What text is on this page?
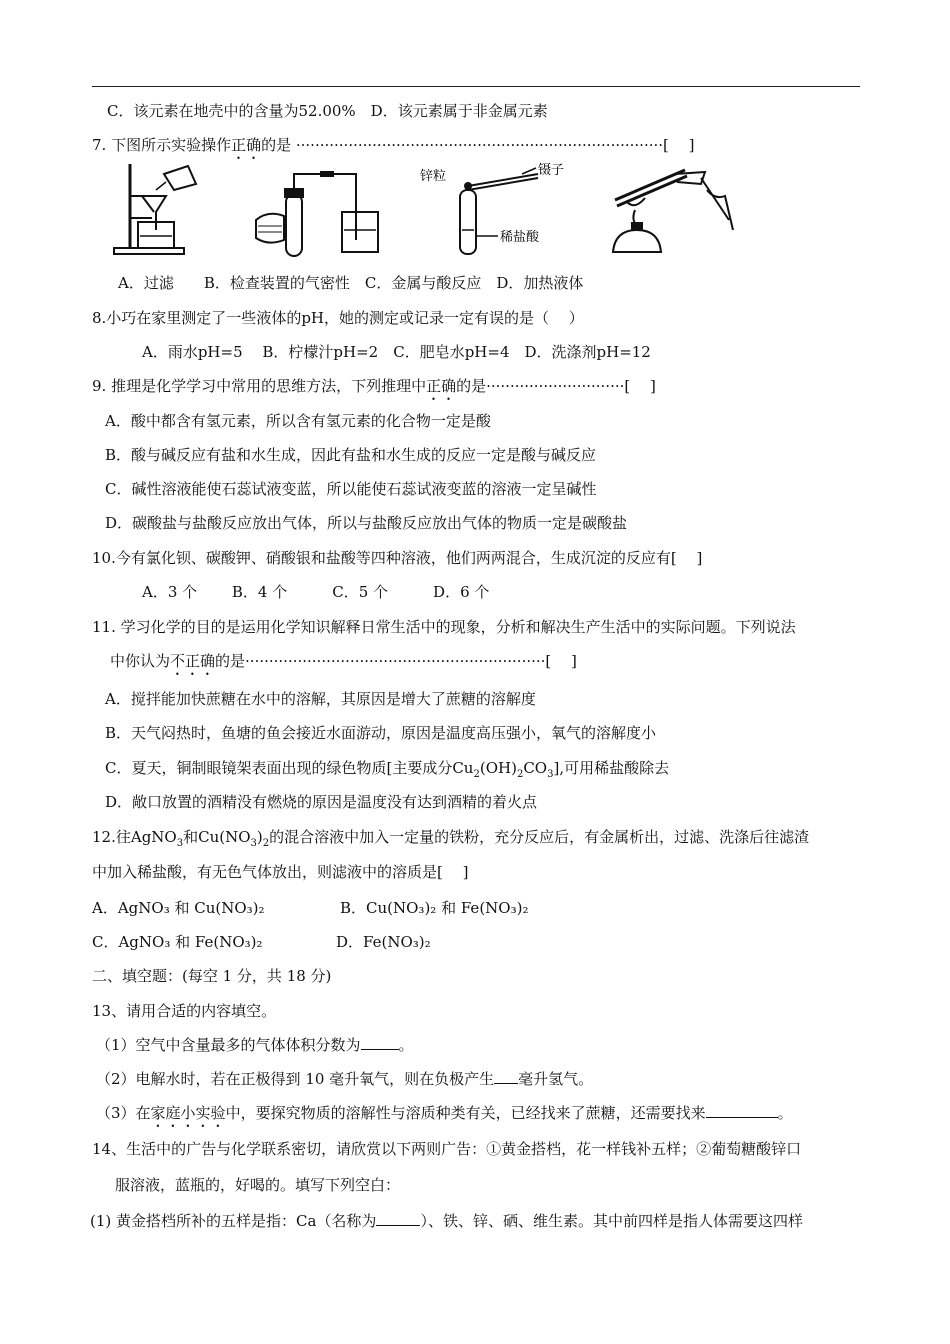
C．该元素在地壳中的含量为52.00%　D．该元素属于非金属元素
7. 下图所示实验操作正确的是 ·············································································[　 ]
锌粒	镊子
稀盐酸
A．过滤　　B．检查装置的气密性　C．金属与酸反应　D．加热液体
8.小巧在家里测定了一些液体的pH，她的测定或记录一定有误的是（　 ）
A．雨水pH=5　 B．柠檬汁pH=2　C．肥皂水pH=4　D．洗涤剂pH=12
9. 推理是化学学习中常用的思维方法，下列推理中正确的是·····························[　 ]
A．酸中都含有氢元素，所以含有氢元素的化合物一定是酸
B．酸与碱反应有盐和水生成，因此有盐和水生成的反应一定是酸与碱反应
C．碱性溶液能使石蕊试液变蓝，所以能使石蕊试液变蓝的溶液一定呈碱性
D．碳酸盐与盐酸反应放出气体，所以与盐酸反应放出气体的物质一定是碳酸盐
10.今有氯化钡、碳酸钾、硝酸银和盐酸等四种溶液，他们两两混合，生成沉淀的反应有[　 ]
A．3 个　　 B．4 个　　　C．5 个　　　D．6 个
11. 学习化学的目的是运用化学知识解释日常生活中的现象，分析和解决生产生活中的实际问题。下列说法
中你认为不正确的是·······························································[　 ]
A．搅拌能加快蔗糖在水中的溶解，其原因是增大了蔗糖的溶解度
B．天气闷热时，鱼塘的鱼会接近水面游动，原因是温度高压强小，氧气的溶解度小
C．夏天，铜制眼镜架表面出现的绿色物质[主要成分$Cu_2(OH)_2CO_3$],可用稀盐酸除去
D．敞口放置的酒精没有燃烧的原因是温度没有达到酒精的着火点
12.往AgNO$_3$和$Cu(NO_3)_2$的混合溶液中加入一定量的铁粉，充分反应后，有金属析出，过滤、洗涤后往滤渣
中加入稀盐酸，有无色气体放出，则滤液中的溶质是[　 ]
A．AgNO₃ 和 Cu(NO₃)₂	B．Cu(NO₃)₂ 和 Fe(NO₃)₂
C．AgNO₃ 和 Fe(NO₃)₂	D．Fe(NO₃)₂
二、填空题：(每空 1 分，共 18 分)
13、请用合适的内容填空。
（1）空气中含量最多的气体体积分数为	。
（2）电解水时，若在正极得到 10 毫升氧气，则在负极产生 毫升氢气。
（3）在家庭小实验中，要探究物质的溶解性与溶质种类有关，已经找来了蔗糖，还需要找来	。
14、生活中的广告与化学联系密切，请欣赏以下两则广告：①黄金搭档，花一样钱补五样；②葡萄糖酸锌口
服溶液，蓝瓶的，好喝的。填写下列空白：
(1) 黄金搭档所补的五样是指：Ca（名称为	）、铁、锌、硒、维生素。其中前四样是指人体需要这四样
